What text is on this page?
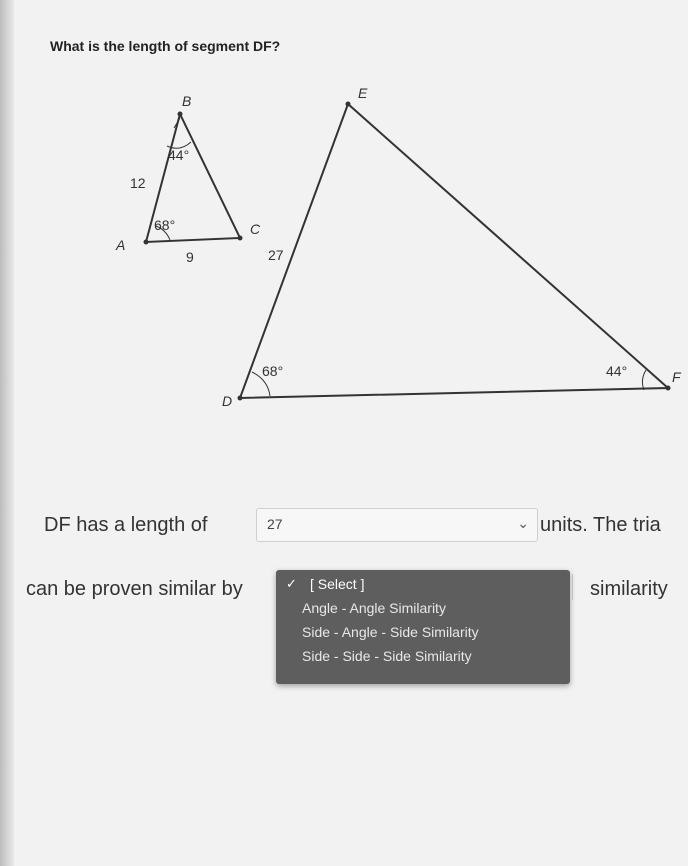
What is the length of segment DF?
A
B
C
12
9
68°
44°
D
E
F
27
68°	44°
DF has a length of	27	⌄ units. The tria
can be proven similar by	similarity
✓ [ Select ]
Angle - Angle Similarity
Side - Angle - Side Similarity
Side - Side - Side Similarity
